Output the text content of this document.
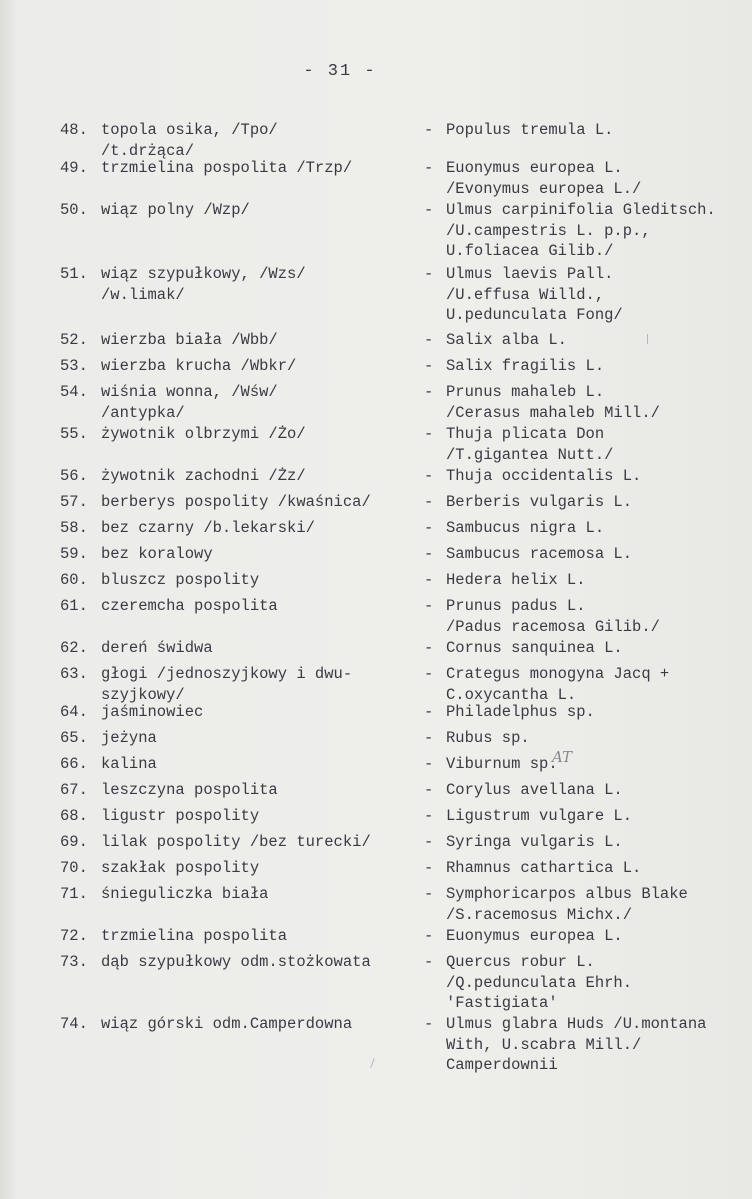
- 31 -
48. topola osika, /Tpo/
/t.drżąca/
- Populus tremula L.
49. trzmielina pospolita /Trzp/	- Euonymus europea L.
/Evonymus europea L./
50. wiąz polny /Wzp/	- Ulmus carpinifolia Gleditsch.
/U.campestris L. p.p.,
U.foliacea Gilib./
51. wiąz szypułkowy, /Wzs/
/w.limak/
- Ulmus laevis Pall.
/U.effusa Willd.,
U.pedunculata Fong/
52. wierzba biała /Wbb/	- Salix alba L.
53. wierzba krucha /Wbkr/	- Salix fragilis L.
54. wiśnia wonna, /Wśw/
/antypka/
- Prunus mahaleb L.
/Cerasus mahaleb Mill./
55. żywotnik olbrzymi /Żo/	- Thuja plicata Don
/T.gigantea Nutt./
56. żywotnik zachodni /Żz/	- Thuja occidentalis L.
57. berberys pospolity /kwaśnica/	- Berberis vulgaris L.
58. bez czarny /b.lekarski/	- Sambucus nigra L.
59. bez koralowy	- Sambucus racemosa L.
60. bluszcz pospolity	- Hedera helix L.
61. czeremcha pospolita	- Prunus padus L.
/Padus racemosa Gilib./
62. dereń świdwa	- Cornus sanquinea L.
63. głogi /jednoszyjkowy i dwu-
szyjkowy/
- Crategus monogyna Jacq +
C.oxycantha L.
64. jaśminowiec	- Philadelphus sp.
65. jeżyna	- Rubus sp.
66. kalina	- Viburnum sp.
67. leszczyna pospolita	- Corylus avellana L.
68. ligustr pospolity	- Ligustrum vulgare L.
69. lilak pospolity /bez turecki/	- Syringa vulgaris L.
70. szakłak pospolity	- Rhamnus cathartica L.
71. śnieguliczka biała	- Symphoricarpos albus Blake
/S.racemosus Michx./
72. trzmielina pospolita	- Euonymus europea L.
73. dąb szypułkowy odm.stożkowata	- Quercus robur L.
/Q.pedunculata Ehrh.
'Fastigiata'
74. wiąz górski odm.Camperdowna	- Ulmus glabra Huds /U.montana
With, U.scabra Mill./
Camperdownii
AT
